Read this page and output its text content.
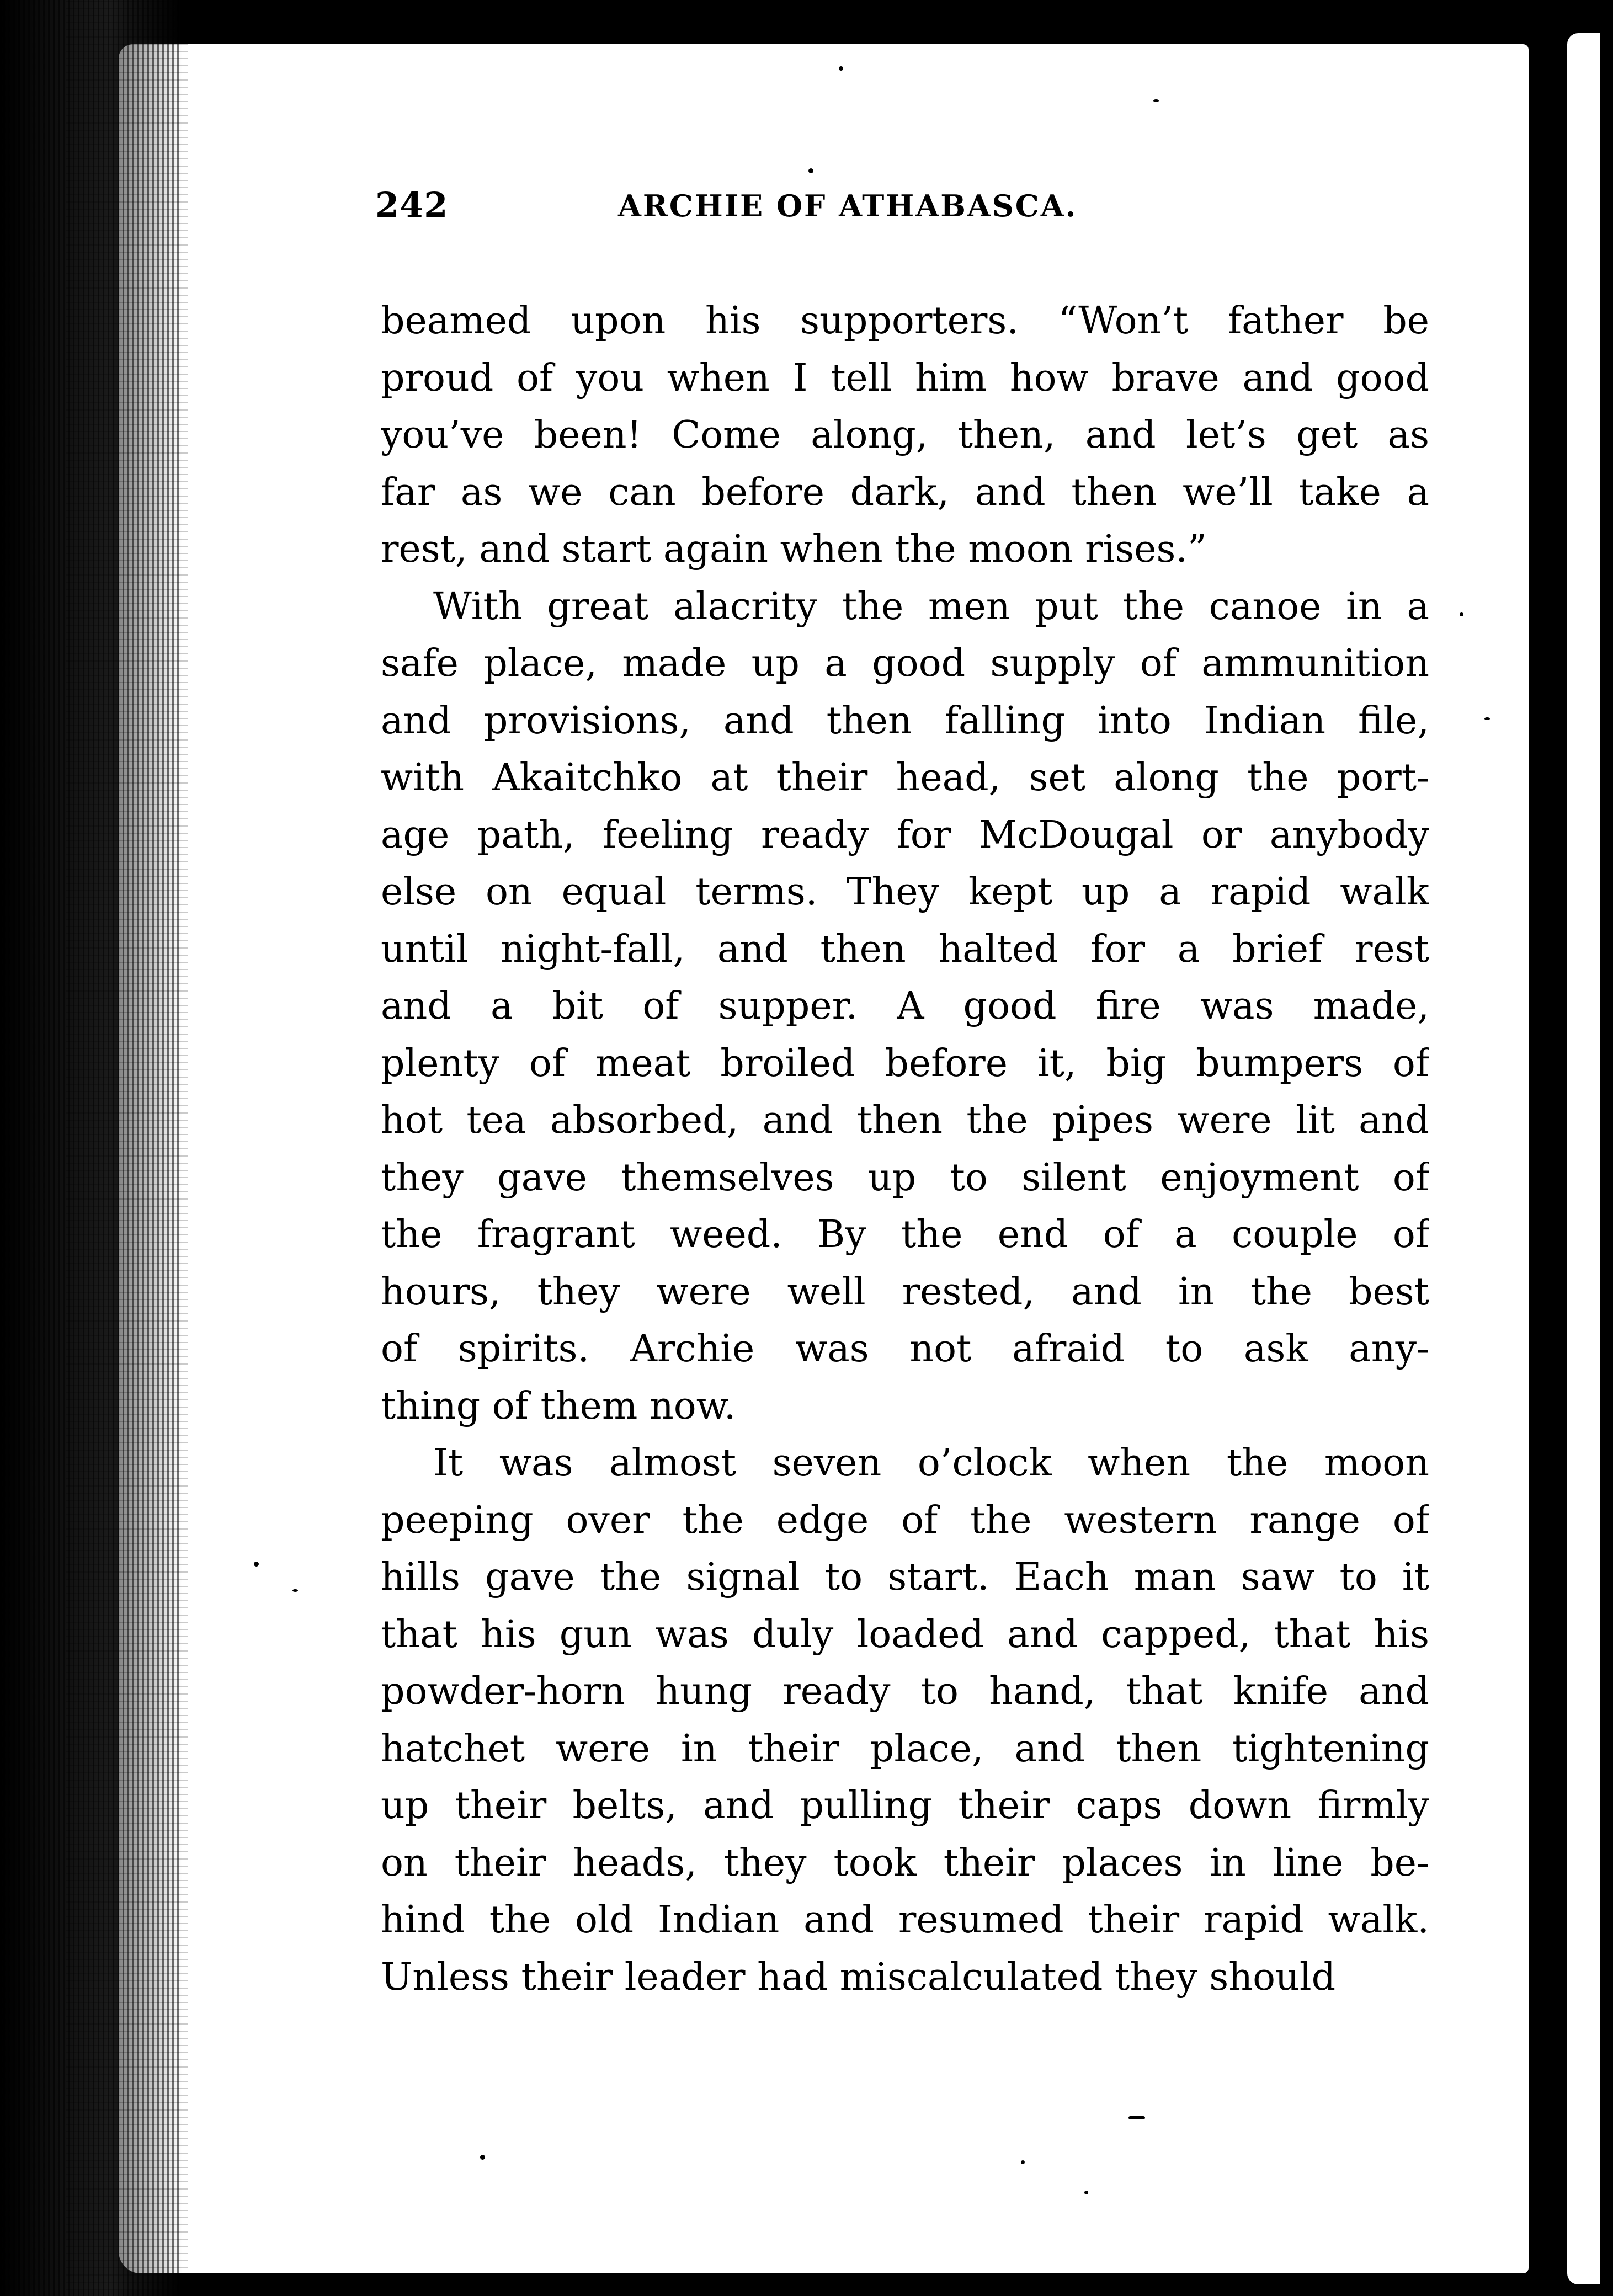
242	ARCHIE OF ATHABASCA.
beamed upon his supporters. “Won’t father be
proud of you when I tell him how brave and good
you’ve been! Come along, then, and let’s get as
far as we can before dark, and then we’ll take a
rest, and start again when the moon rises.”
With great alacrity the men put the canoe in a
safe place, made up a good supply of ammunition
and provisions, and then falling into Indian file,
with Akaitchko at their head, set along the port-
age path, feeling ready for McDougal or anybody
else on equal terms. They kept up a rapid walk
until night-fall, and then halted for a brief rest
and a bit of supper. A good fire was made,
plenty of meat broiled before it, big bumpers of
hot tea absorbed, and then the pipes were lit and
they gave themselves up to silent enjoyment of
the fragrant weed. By the end of a couple of
hours, they were well rested, and in the best
of spirits. Archie was not afraid to ask any-
thing of them now.
It was almost seven o’clock when the moon
peeping over the edge of the western range of
hills gave the signal to start. Each man saw to it
that his gun was duly loaded and capped, that his
powder-horn hung ready to hand, that knife and
hatchet were in their place, and then tightening
up their belts, and pulling their caps down firmly
on their heads, they took their places in line be-
hind the old Indian and resumed their rapid walk.
Unless their leader had miscalculated they should
